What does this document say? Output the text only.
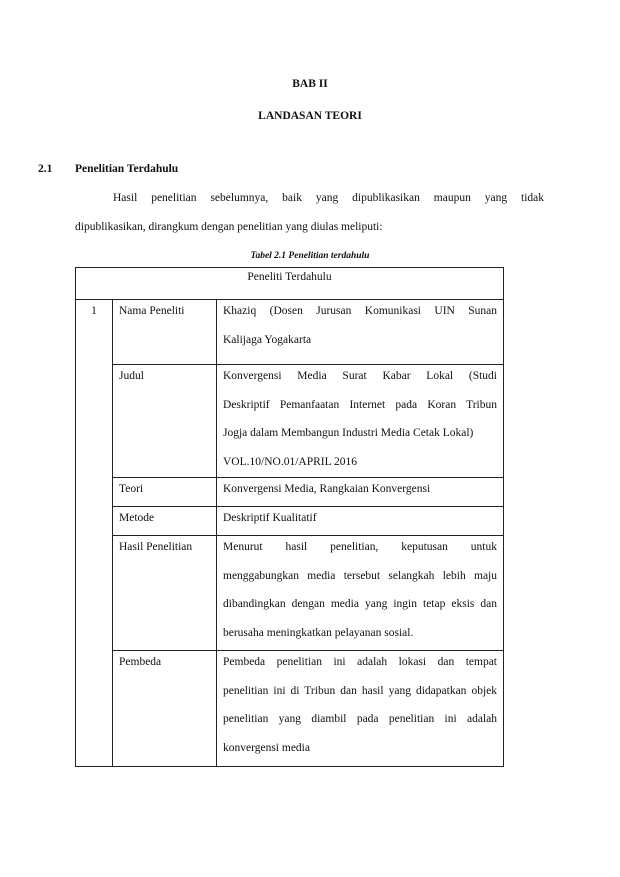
BAB II
LANDASAN TEORI
2.1 Penelitian Terdahulu
Hasil penelitian sebelumnya, baik yang dipublikasikan maupun yang tidak
dipublikasikan, dirangkum dengan penelitian yang diulas meliputi:
Tabel 2.1 Penelitian terdahulu
Peneliti Terdahulu		
1	Nama Peneliti	Khaziq (Dosen Jurusan Komunikasi UIN Sunan
Kalijaga Yogakarta

	Judul	Konvergensi Media Surat Kabar Lokal (Studi
Deskriptif Pemanfaatan Internet pada Koran Tribun
Jogja dalam Membangun Industri Media Cetak Lokal)
VOL.10/NO.01/APRIL 2016

	Teori	Konvergensi Media, Rangkaian Konvergensi

	Metode	Deskriptif Kualitatif

	Hasil Penelitian	Menurut hasil penelitian, keputusan untuk
menggabungkan media tersebut selangkah lebih maju
dibandingkan dengan media yang ingin tetap eksis dan
berusaha meningkatkan pelayanan sosial.

	Pembeda	Pembeda penelitian ini adalah lokasi dan tempat
penelitian ini di Tribun dan hasil yang didapatkan objek
penelitian yang diambil pada penelitian ini adalah
konvergensi media
